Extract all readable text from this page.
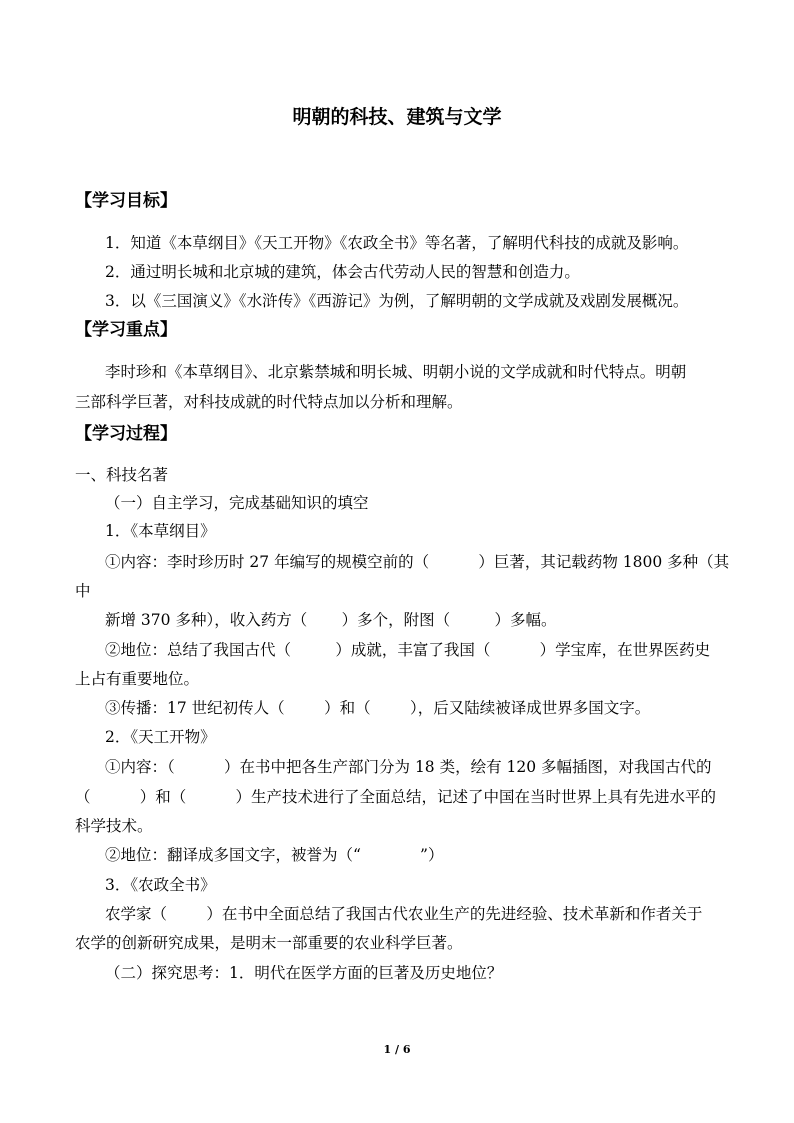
明朝的科技、建筑与文学
【学习目标】
1．知道《本草纲目》《天工开物》《农政全书》等名著，了解明代科技的成就及影响。
2．通过明长城和北京城的建筑，体会古代劳动人民的智慧和创造力。
3．以《三国演义》《水浒传》《西游记》为例，了解明朝的文学成就及戏剧发展概况。
【学习重点】
李时珍和《本草纲目》、北京紫禁城和明长城、明朝小说的文学成就和时代特点。明朝
三部科学巨著，对科技成就的时代特点加以分析和理解。
【学习过程】
一、科技名著
（一）自主学习，完成基础知识的填空
1．《本草纲目》
①内容：李时珍历时 27 年编写的规模空前的（          ）巨著，其记载药物 1800 多种（其
中
新增 370 多种），收入药方（       ）多个，附图（         ）多幅。
②地位：总结了我国古代（         ）成就，丰富了我国（          ）学宝库，在世界医药史
上占有重要地位。
③传播：17 世纪初传人（        ）和（        ），后又陆续被译成世界多国文字。
2．《天工开物》
①内容：（          ）在书中把各生产部门分为 18 类，绘有 120 多幅插图，对我国古代的
（          ）和（          ）生产技术进行了全面总结，记述了中国在当时世界上具有先进水平的
科学技术。
②地位：翻译成多国文字，被誉为（“            ”）
3．《农政全书》
农学家（        ）在书中全面总结了我国古代农业生产的先进经验、技术革新和作者关于
农学的创新研究成果，是明末一部重要的农业科学巨著。
（二）探究思考：1．明代在医学方面的巨著及历史地位？
1 / 6
